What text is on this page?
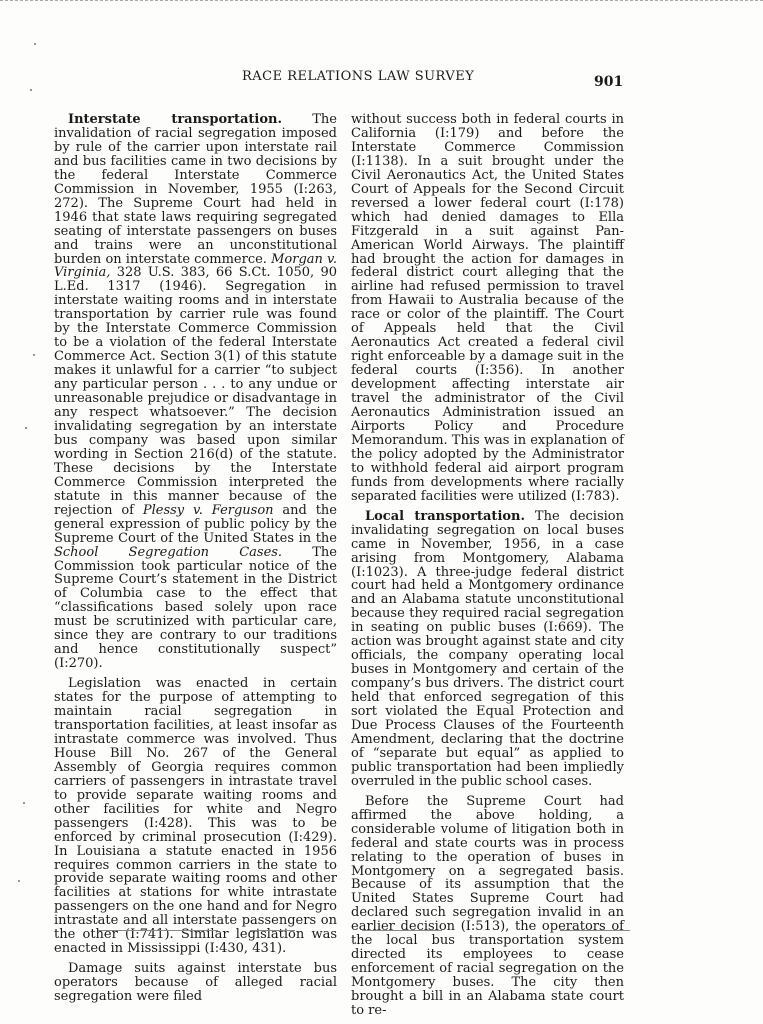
RACE RELATIONS LAW SURVEY	901

Interstate transportation. The invalidation of racial segregation imposed by rule of the carrier upon interstate rail and bus facilities came in two decisions by the federal Interstate Commerce Commission in November, 1955 (I:263, 272). The Supreme Court had held in 1946 that state laws requiring segregated seating of interstate passengers on buses and trains were an unconstitutional burden on interstate commerce. Morgan v. Virginia, 328 U.S. 383, 66 S.Ct. 1050, 90 L.Ed. 1317 (1946). Segregation in interstate waiting rooms and in interstate transportation by carrier rule was found by the Interstate Commerce Commission to be a violation of the federal Interstate Commerce Act. Section 3(1) of this statute makes it unlawful for a carrier “to subject any particular person . . . to any undue or unreasonable prejudice or disadvantage in any respect whatsoever.” The decision invalidating segregation by an interstate bus company was based upon similar wording in Section 216(d) of the statute. These decisions by the Interstate Commerce Commission interpreted the statute in this manner because of the rejection of Plessy v. Ferguson and the general expression of public policy by the Supreme Court of the United States in the School Segregation Cases. The Commission took particular notice of the Supreme Court’s statement in the District of Columbia case to the effect that “classifications based solely upon race must be scrutinized with particular care, since they are contrary to our traditions and hence constitutionally suspect” (I:270).

Legislation was enacted in certain states for the purpose of attempting to maintain racial segregation in transportation facilities, at least insofar as intrastate commerce was involved. Thus House Bill No. 267 of the General Assembly of Georgia requires common carriers of passengers in intrastate travel to provide separate waiting rooms and other facilities for white and Negro passengers (I:428). This was to be enforced by criminal prosecution (I:429). In Louisiana a statute enacted in 1956 requires common carriers in the state to provide separate waiting rooms and other facilities at stations for white intrastate passengers on the one hand and for Negro intrastate and all interstate passengers on the other (I:741). Similar legislation was enacted in Mississippi (I:430, 431).

Damage suits against interstate bus operators because of alleged racial segregation were filed

without success both in federal courts in California (I:179) and before the Interstate Commerce Commission (I:1138). In a suit brought under the Civil Aeronautics Act, the United States Court of Appeals for the Second Circuit reversed a lower federal court (I:178) which had denied damages to Ella Fitzgerald in a suit against Pan-American World Airways. The plaintiff had brought the action for damages in federal district court alleging that the airline had refused permission to travel from Hawaii to Australia because of the race or color of the plaintiff. The Court of Appeals held that the Civil Aeronautics Act created a federal civil right enforceable by a damage suit in the federal courts (I:356). In another development affecting interstate air travel the administrator of the Civil Aeronautics Administration issued an Airports Policy and Procedure Memorandum. This was in explanation of the policy adopted by the Administrator to withhold federal aid airport program funds from developments where racially separated facilities were utilized (I:783).

Local transportation. The decision invalidating segregation on local buses came in November, 1956, in a case arising from Montgomery, Alabama (I:1023). A three-judge federal district court had held a Montgomery ordinance and an Alabama statute unconstitutional because they required racial segregation in seating on public buses (I:669). The action was brought against state and city officials, the company operating local buses in Montgomery and certain of the company’s bus drivers. The district court held that enforced segregation of this sort violated the Equal Protection and Due Process Clauses of the Fourteenth Amendment, declaring that the doctrine of “separate but equal” as applied to public transportation had been impliedly overruled in the public school cases.

Before the Supreme Court had affirmed the above holding, a considerable volume of litigation both in federal and state courts was in process relating to the operation of buses in Montgomery on a segregated basis. Because of its assumption that the United States Supreme Court had declared such segregation invalid in an earlier decision (I:513), the operators of the local bus transportation system directed its employees to cease enforcement of racial segregation on the Montgomery buses. The city then brought a bill in an Alabama state court to re-
